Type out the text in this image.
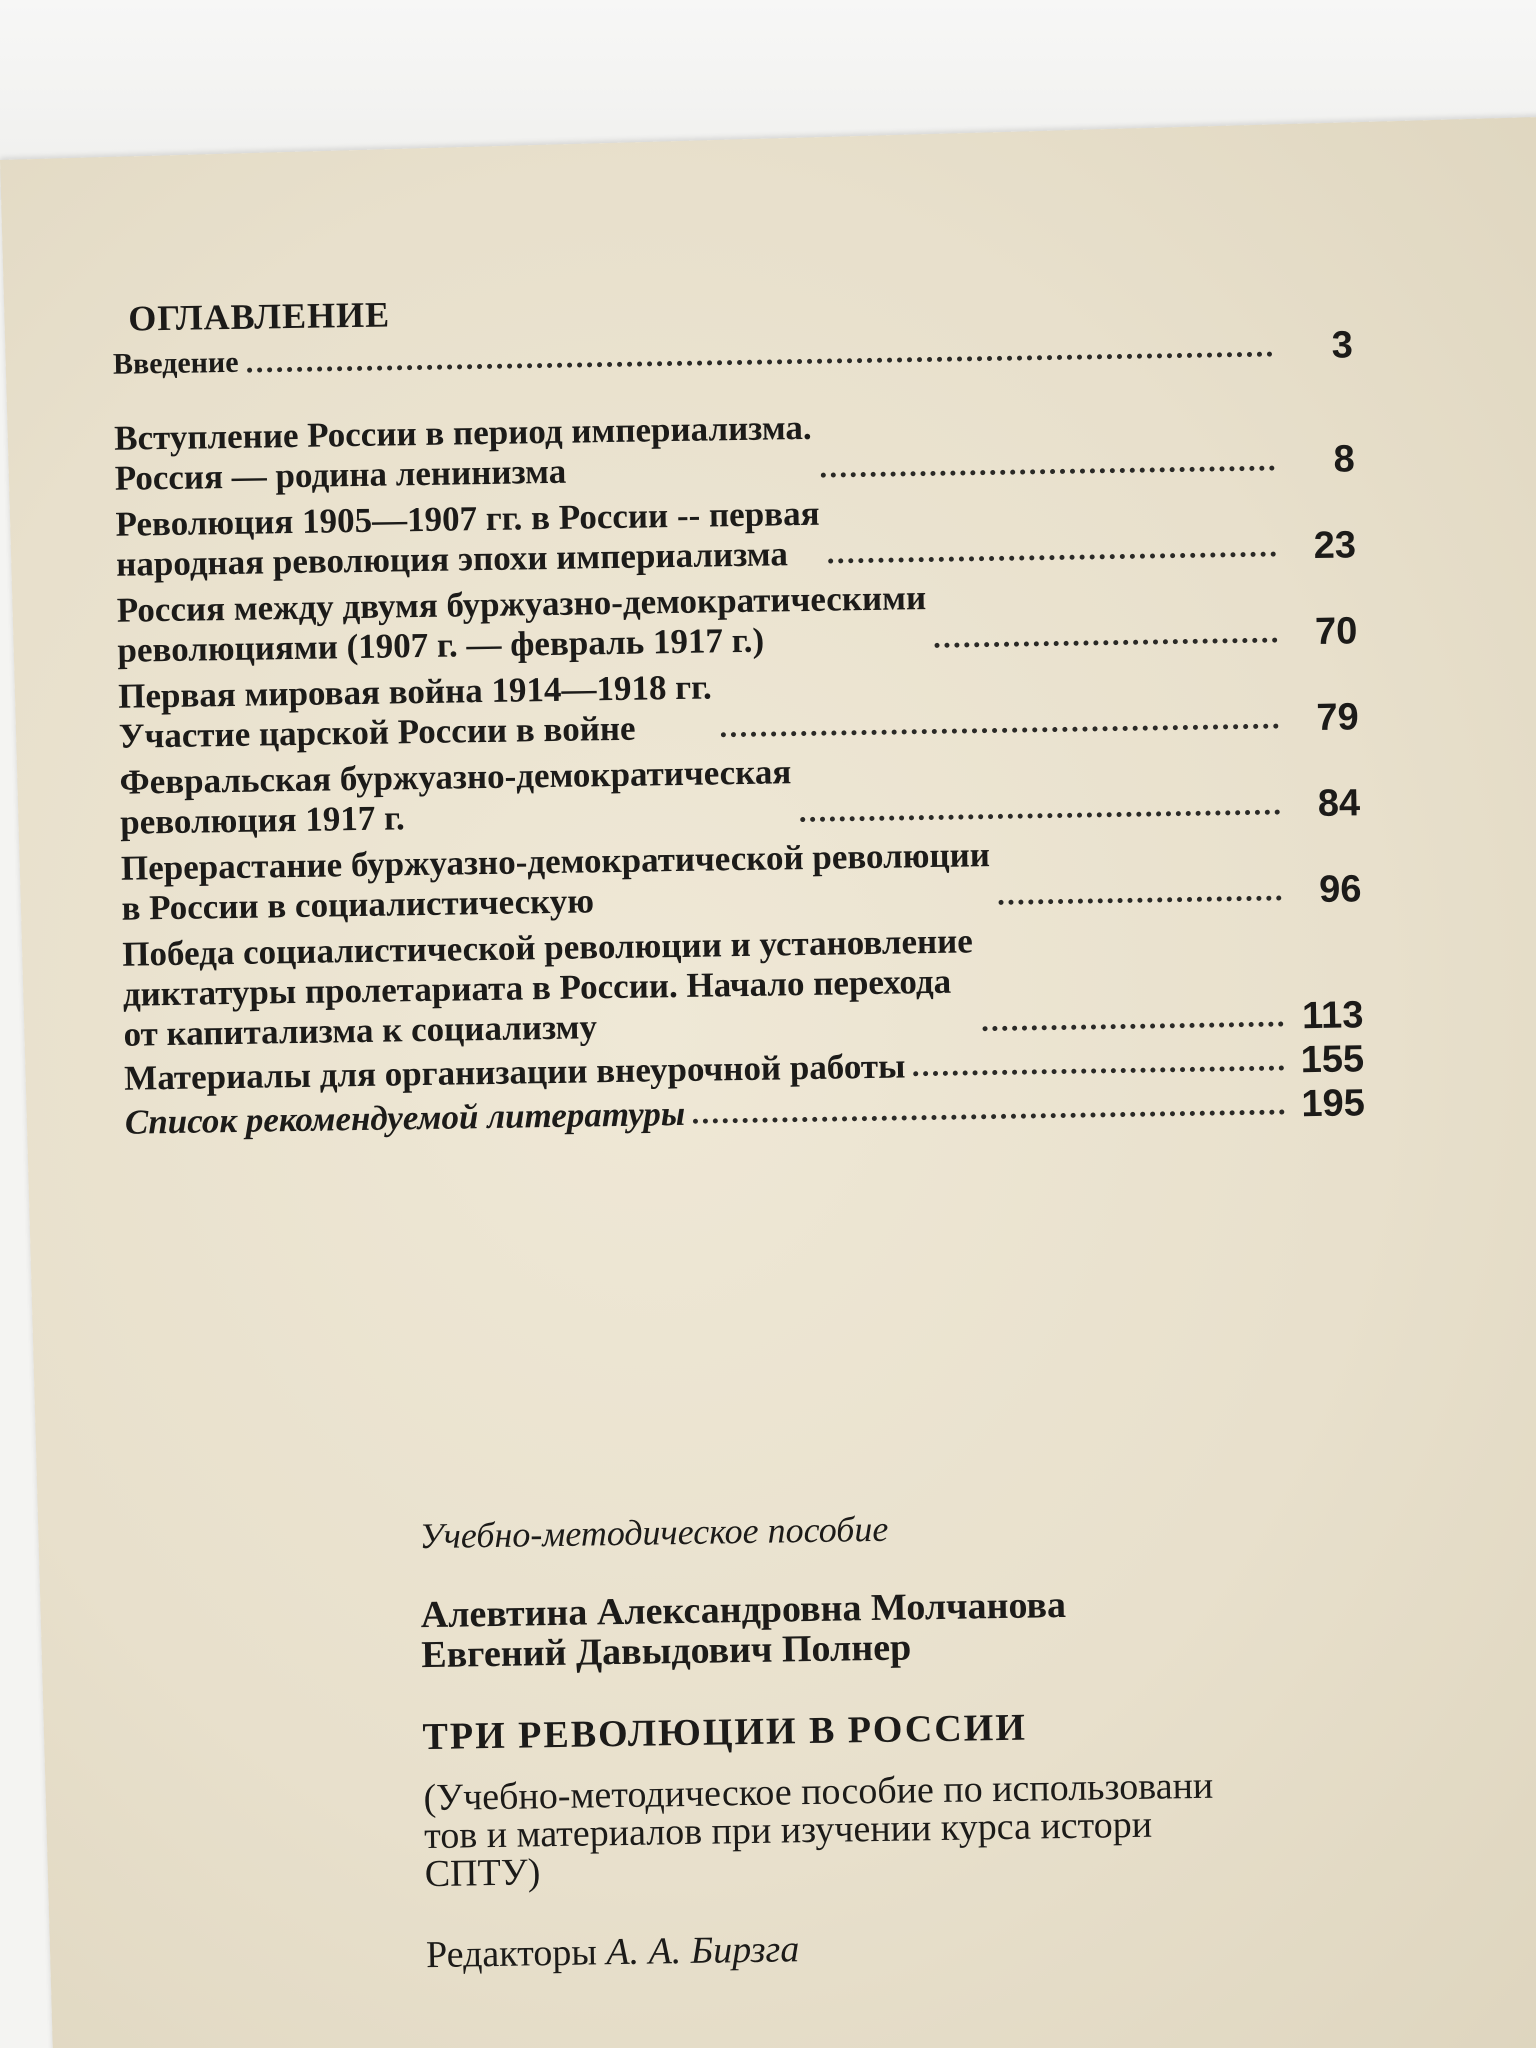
ОГЛАВЛЕНИЕ
Введение	3
Вступление России в период империализма.
Россия — родина ленинизма	8
Революция 1905—1907 гг. в России -- первая
народная революция эпохи империализма	23
Россия между двумя буржуазно-демократическими
революциями (1907 г. — февраль 1917 г.)	70
Первая мировая война 1914—1918 гг.
Участие царской России в войне	79
Февральская буржуазно-демократическая
революция 1917 г.	84
Перерастание буржуазно-демократической революции
в России в социалистическую	96
Победа социалистической революции и установление
диктатуры пролетариата в России. Начало перехода
от капитализма к социализму	113
Материалы для организации внеурочной работы	155
Список рекомендуемой литературы	195

Учебно-методическое пособие

Алевтина Александровна Молчанова
Евгений Давыдович Полнер
ТРИ РЕВОЛЮЦИИ В РОССИИ
(Учебно-методическое пособие по использовани
тов и материалов при изучении курса истори
СПТУ)
Редакторы А. А. Бирзга
